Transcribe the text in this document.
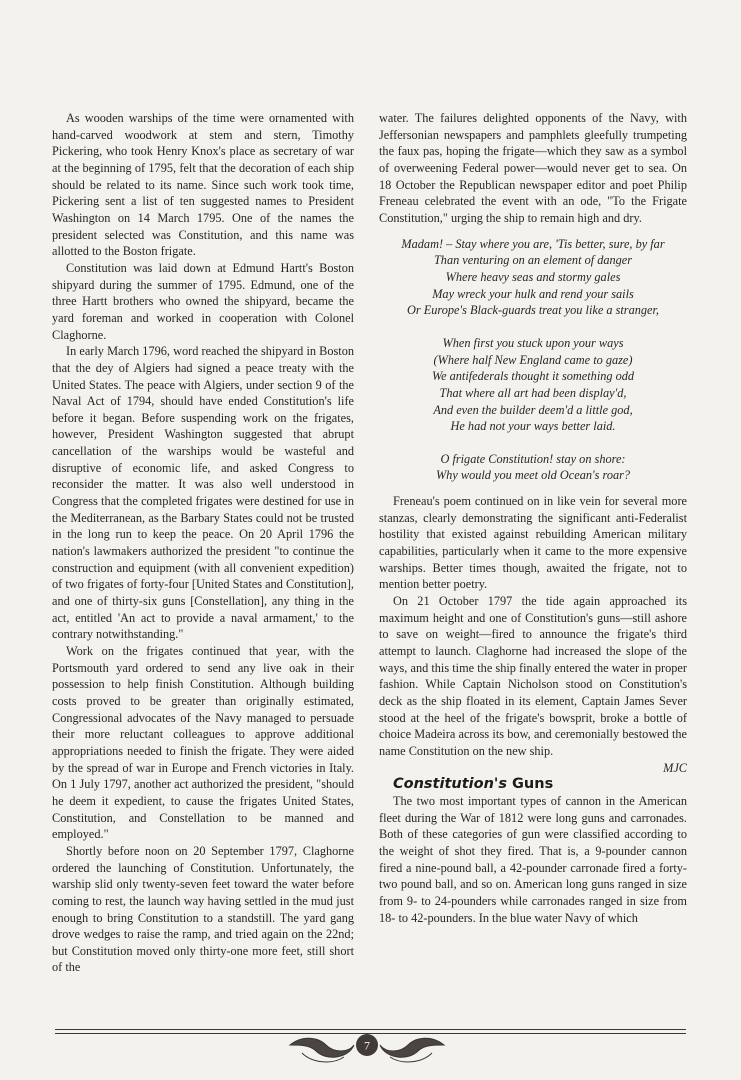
As wooden warships of the time were ornamented with hand-carved woodwork at stem and stern, Timothy Pickering, who took Henry Knox's place as secretary of war at the beginning of 1795, felt that the decoration of each ship should be related to its name. Since such work took time, Pickering sent a list of ten suggested names to President Washington on 14 March 1795. One of the names the president selected was Constitution, and this name was allotted to the Boston frigate.

Constitution was laid down at Edmund Hartt's Boston shipyard during the summer of 1795. Edmund, one of the three Hartt brothers who owned the shipyard, became the yard foreman and worked in cooperation with Colonel Claghorne.

In early March 1796, word reached the shipyard in Boston that the dey of Algiers had signed a peace treaty with the United States. The peace with Algiers, under section 9 of the Naval Act of 1794, should have ended Constitution's life before it began. Before suspending work on the frigates, however, President Washington suggested that abrupt cancellation of the warships would be wasteful and disruptive of economic life, and asked Congress to reconsider the matter. It was also well understood in Congress that the completed frigates were destined for use in the Mediterranean, as the Barbary States could not be trusted in the long run to keep the peace. On 20 April 1796 the nation's lawmakers authorized the president "to continue the construction and equipment (with all convenient expedition) of two frigates of forty-four [United States and Constitution], and one of thirty-six guns [Constellation], any thing in the act, entitled 'An act to provide a naval armament,' to the contrary notwithstanding."

Work on the frigates continued that year, with the Portsmouth yard ordered to send any live oak in their possession to help finish Constitution. Although building costs proved to be greater than originally estimated, Congressional advocates of the Navy managed to persuade their more reluctant colleagues to approve additional appropriations needed to finish the frigate. They were aided by the spread of war in Europe and French victories in Italy. On 1 July 1797, another act authorized the president, "should he deem it expedient, to cause the frigates United States, Constitution, and Constellation to be manned and employed."

Shortly before noon on 20 September 1797, Claghorne ordered the launching of Constitution. Unfortunately, the warship slid only twenty-seven feet toward the water before coming to rest, the launch way having settled in the mud just enough to bring Constitution to a standstill. The yard gang drove wedges to raise the ramp, and tried again on the 22nd; but Constitution moved only thirty-one more feet, still short of the

water. The failures delighted opponents of the Navy, with Jeffersonian newspapers and pamphlets gleefully trumpeting the faux pas, hoping the frigate—which they saw as a symbol of overweening Federal power—would never get to sea. On 18 October the Republican newspaper editor and poet Philip Freneau celebrated the event with an ode, "To the Frigate Constitution," urging the ship to remain high and dry.

Madam! – Stay where you are, 'Tis better, sure, by far
Than venturing on an element of danger
Where heavy seas and stormy gales
May wreck your hulk and rend your sails
Or Europe's Black-guards treat you like a stranger,
When first you stuck upon your ways
(Where half New England came to gaze)
We antifederals thought it something odd
That where all art had been display'd,
And even the builder deem'd a little god,
He had not your ways better laid.
O frigate Constitution! stay on shore:
Why would you meet old Ocean's roar?

Freneau's poem continued on in like vein for several more stanzas, clearly demonstrating the significant anti-Federalist hostility that existed against rebuilding American military capabilities, particularly when it came to the more expensive warships. Better times though, awaited the frigate, not to mention better poetry.

On 21 October 1797 the tide again approached its maximum height and one of Constitution's guns—still ashore to save on weight—fired to announce the frigate's third attempt to launch. Claghorne had increased the slope of the ways, and this time the ship finally entered the water in proper fashion. While Captain Nicholson stood on Constitution's deck as the ship floated in its element, Captain James Sever stood at the heel of the frigate's bowsprit, broke a bottle of choice Madeira across its bow, and ceremonially bestowed the name Constitution on the new ship.

MJC

Constitution's Guns

The two most important types of cannon in the American fleet during the War of 1812 were long guns and carronades. Both of these categories of gun were classified according to the weight of shot they fired. That is, a 9-pounder cannon fired a nine-pound ball, a 42-pounder carronade fired a forty-two pound ball, and so on. American long guns ranged in size from 9- to 24-pounders while carronades ranged in size from 18- to 42-pounders. In the blue water Navy of which

7
